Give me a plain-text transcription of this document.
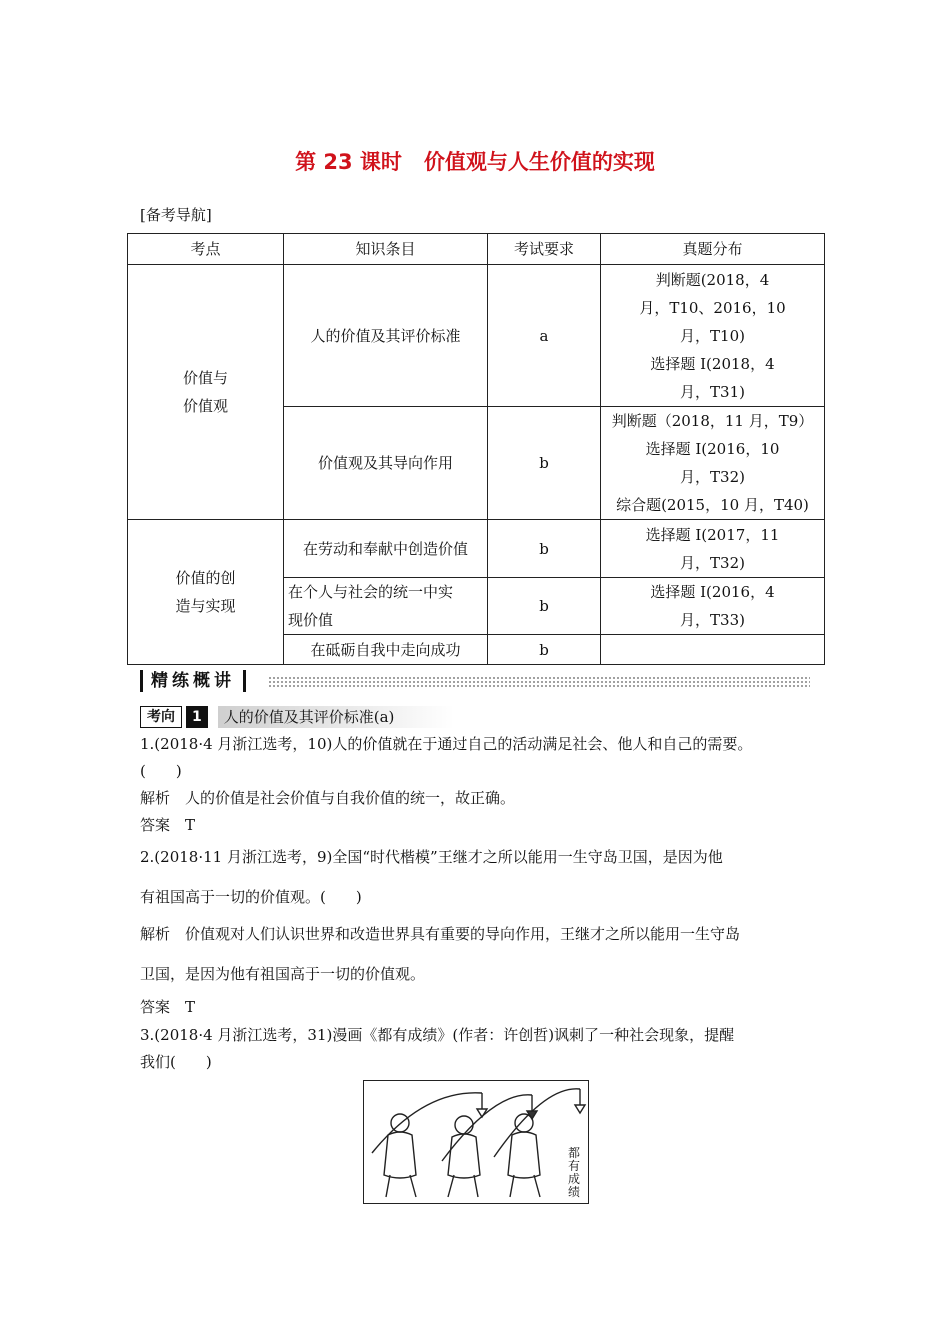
第 23 课时 价值观与人生价值的实现
[备考导航]
考点	知识条目	考试要求	真题分布
价值与
价值观	人的价值及其评价标准	a	判断题(2018，4
月，T10、2016，10
月，T10)
选择题 Ⅰ(2018，4
月，T31)
	价值观及其导向作用	b	判断题（2018，11 月，T9）
选择题 Ⅰ(2016，10
月，T32)
综合题(2015，10 月，T40)
价值的创
造与实现	在劳动和奉献中创造价值	b	选择题 Ⅰ(2017，11
月，T32)
	在个人与社会的统一中实
现价值	b	选择题 Ⅰ(2016，4
月，T33)
	在砥砺自我中走向成功	b	
精练概讲
考向	1	人的价值及其评价标准(a)
1.(2018·4 月浙江选考，10)人的价值就在于通过自己的活动满足社会、他人和自己的需要。
(　　)
解析　人的价值是社会价值与自我价值的统一，故正确。
答案　T
2.(2018·11 月浙江选考，9)全国“时代楷模”王继才之所以能用一生守岛卫国，是因为他
有祖国高于一切的价值观。(　　)
解析　价值观对人们认识世界和改造世界具有重要的导向作用，王继才之所以能用一生守岛
卫国，是因为他有祖国高于一切的价值观。
答案　T
3.(2018·4 月浙江选考，31)漫画《都有成绩》(作者：许创哲)讽刺了一种社会现象，提醒
我们(　　)
都有成绩
